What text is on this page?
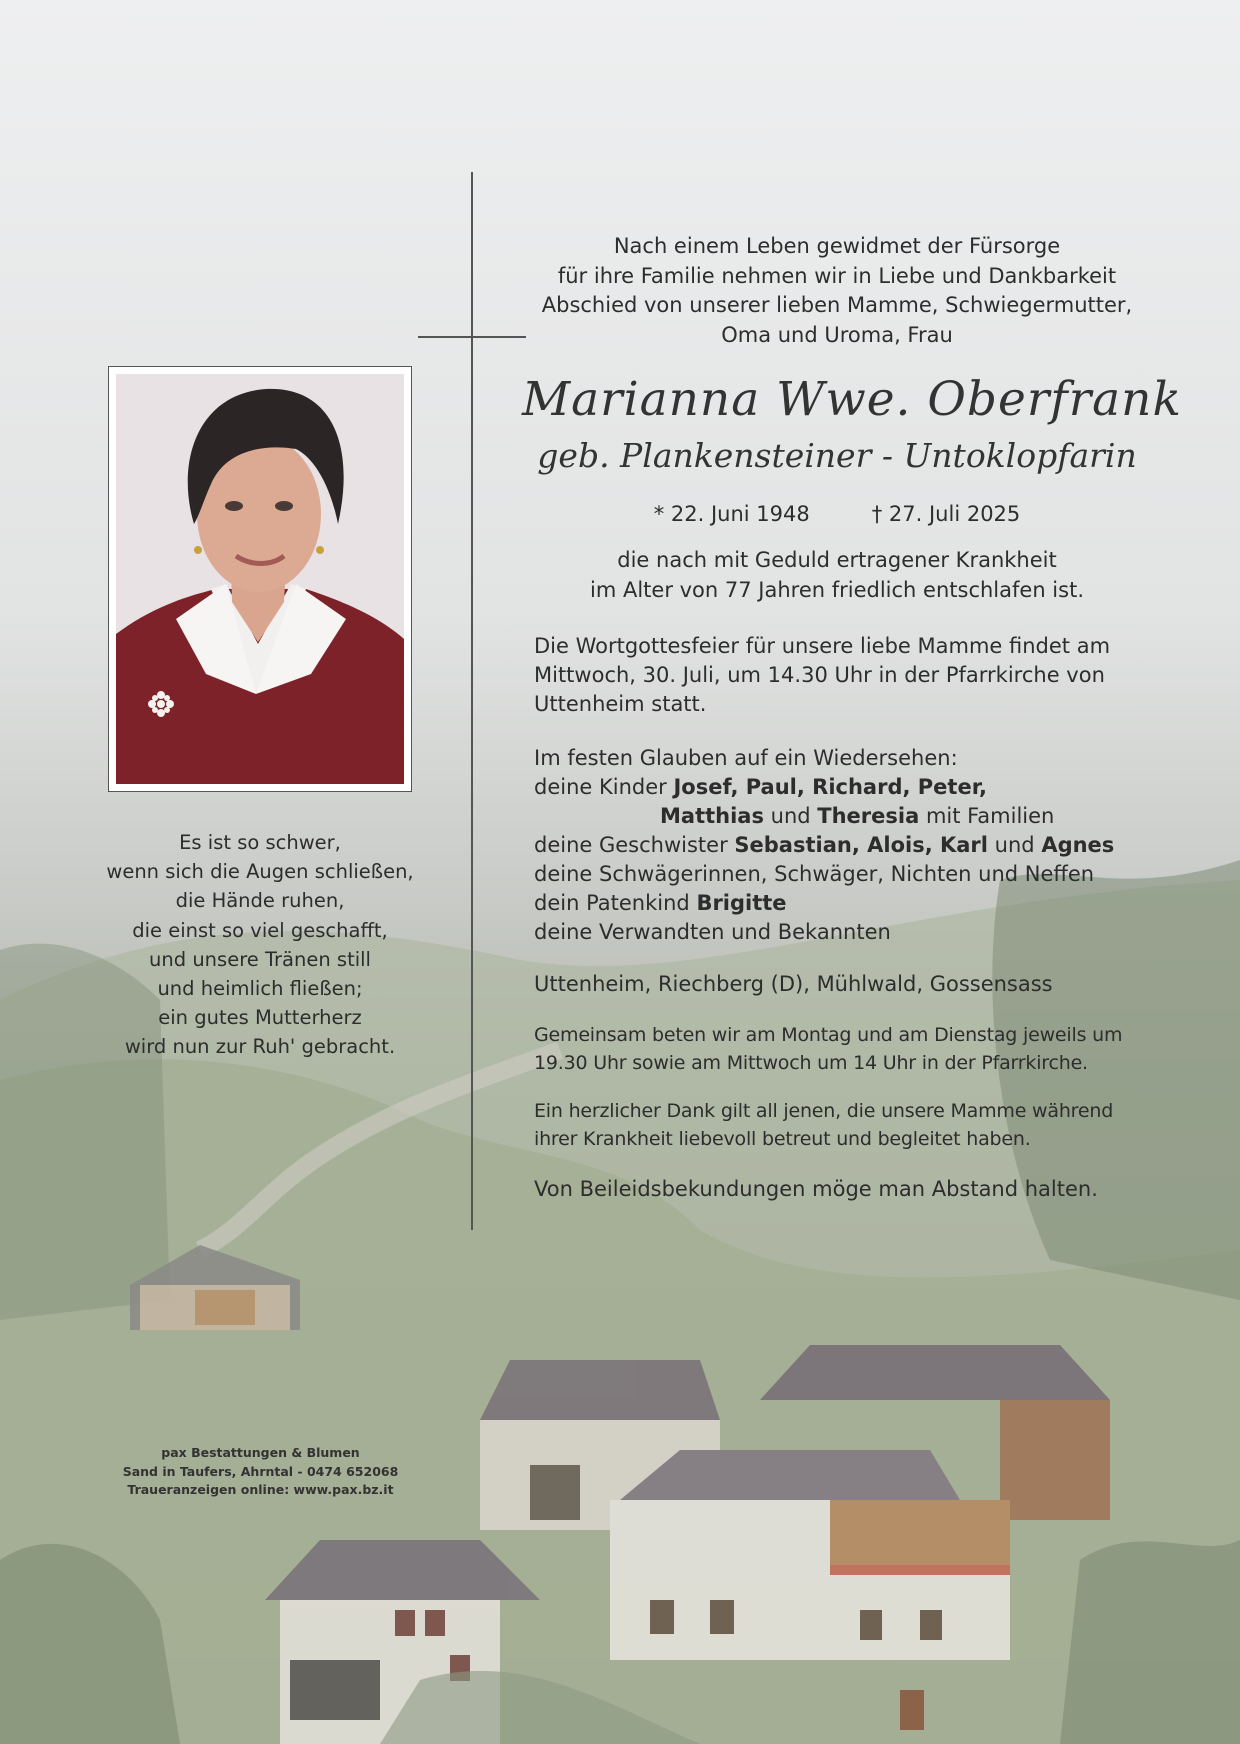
Es ist so schwer,
wenn sich die Augen schließen,
die Hände ruhen,
die einst so viel geschafft,
und unsere Tränen still
und heimlich fließen;
ein gutes Mutterherz
wird nun zur Ruh' gebracht.
pax Bestattungen & Blumen
Sand in Taufers, Ahrntal - 0474 652068
Traueranzeigen online: www.pax.bz.it
Nach einem Leben gewidmet der Fürsorge
für ihre Familie nehmen wir in Liebe und Dankbarkeit
Abschied von unserer lieben Mamme, Schwiegermutter,
Oma und Uroma, Frau
Marianna Wwe. Oberfrank
geb. Plankensteiner - Untoklopfarin
* 22. Juni 1948	† 27. Juli 2025
die nach mit Geduld ertragener Krankheit
im Alter von 77 Jahren friedlich entschlafen ist.
Die Wortgottesfeier für unsere liebe Mamme findet am
Mittwoch, 30. Juli, um 14.30 Uhr in der Pfarrkirche von
Uttenheim statt.
Im festen Glauben auf ein Wiedersehen:
deine Kinder Josef, Paul, Richard, Peter,
Matthias und Theresia mit Familien
deine Geschwister Sebastian, Alois, Karl und Agnes
deine Schwägerinnen, Schwäger, Nichten und Neffen
dein Patenkind Brigitte
deine Verwandten und Bekannten
Uttenheim, Riechberg (D), Mühlwald, Gossensass
Gemeinsam beten wir am Montag und am Dienstag jeweils um
19.30 Uhr sowie am Mittwoch um 14 Uhr in der Pfarrkirche.
Ein herzlicher Dank gilt all jenen, die unsere Mamme während
ihrer Krankheit liebevoll betreut und begleitet haben.
Von Beileidsbekundungen möge man Abstand halten.
